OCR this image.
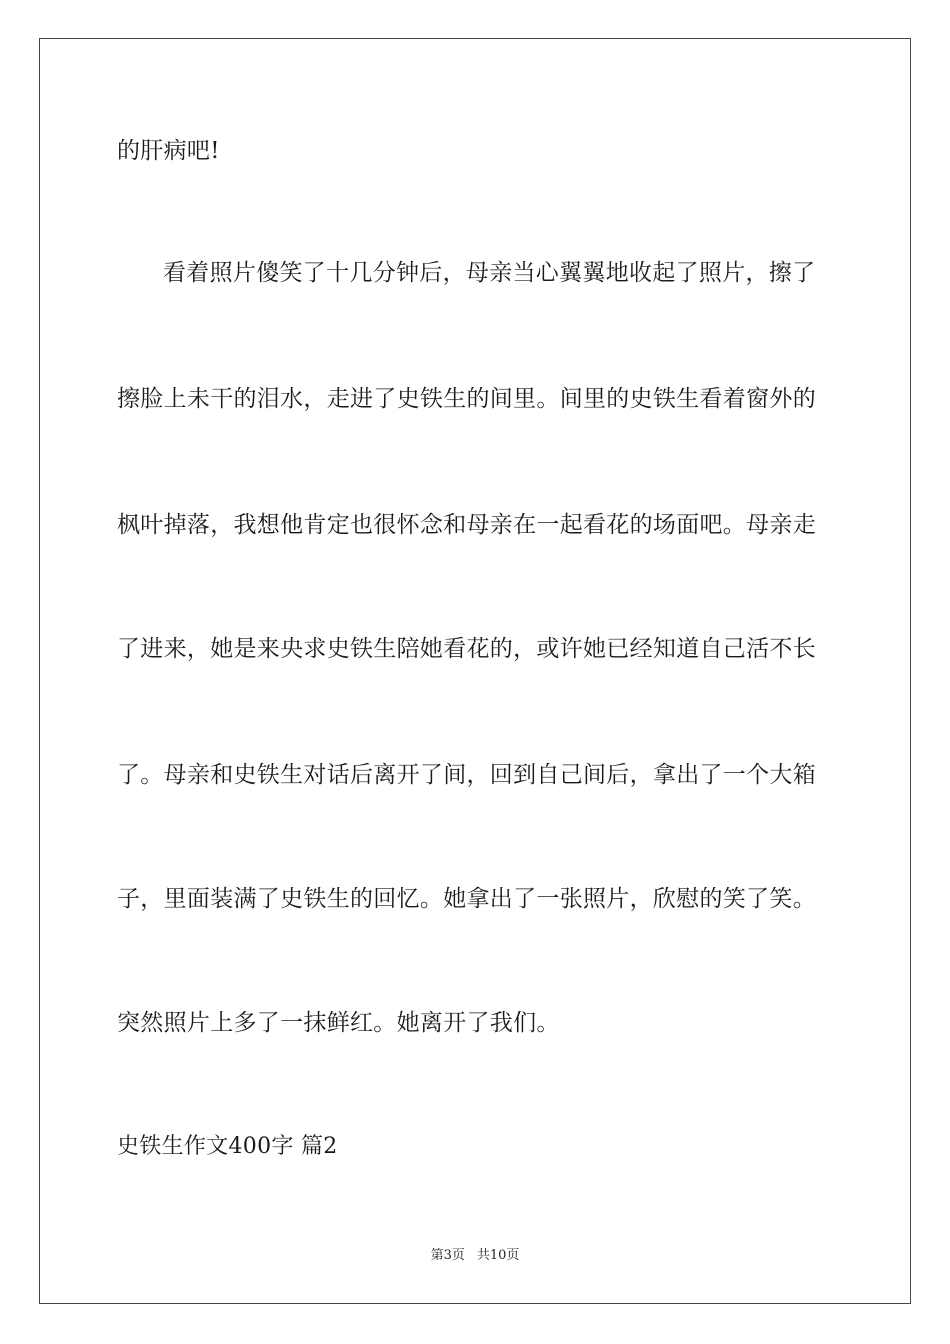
的肝病吧!
看着照片傻笑了十几分钟后，母亲当心翼翼地收起了照片，擦了
擦脸上未干的泪水，走进了史铁生的间里。间里的史铁生看着窗外的
枫叶掉落，我想他肯定也很怀念和母亲在一起看花的场面吧。母亲走
了进来，她是来央求史铁生陪她看花的，或许她已经知道自己活不长
了。母亲和史铁生对话后离开了间，回到自己间后，拿出了一个大箱
子，里面装满了史铁生的回忆。她拿出了一张照片，欣慰的笑了笑。
突然照片上多了一抹鲜红。她离开了我们。
史铁生作文400字 篇2
第3页 共10页
